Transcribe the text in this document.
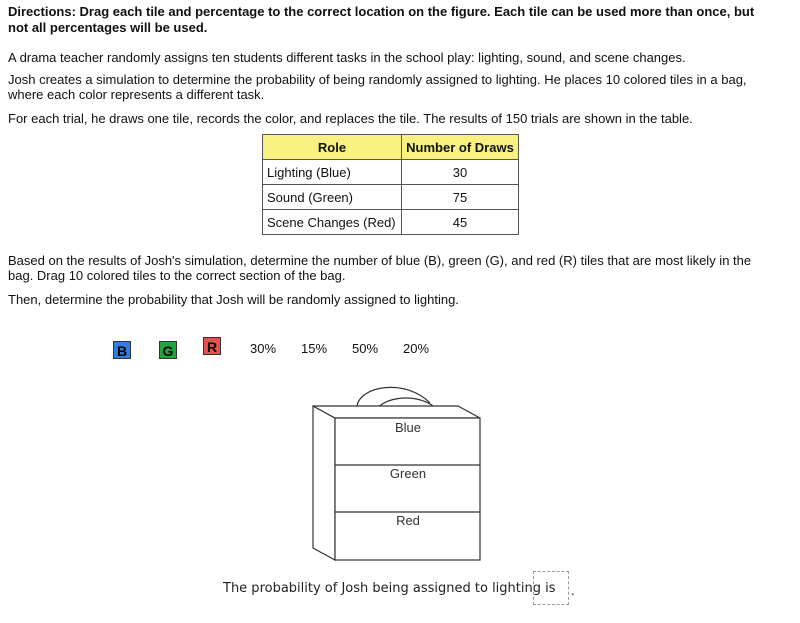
Directions: Drag each tile and percentage to the correct location on the figure. Each tile can be used more than once, but not all percentages will be used.

A drama teacher randomly assigns ten students different tasks in the school play: lighting, sound, and scene changes.

Josh creates a simulation to determine the probability of being randomly assigned to lighting. He places 10 colored tiles in a bag, where each color represents a different task.

For each trial, he draws one tile, records the color, and replaces the tile. The results of 150 trials are shown in the table.

Role	Number of Draws
Lighting (Blue)	30
Sound (Green)	75
Scene Changes (Red)	45

Based on the results of Josh's simulation, determine the number of blue (B), green (G), and red (R) tiles that are most likely in the bag. Drag 10 colored tiles to the correct section of the bag.

Then, determine the probability that Josh will be randomly assigned to lighting.

B	G R	30% 15% 50% 20%
Blue
Green
Red
The probability of Josh being assigned to lighting is .
